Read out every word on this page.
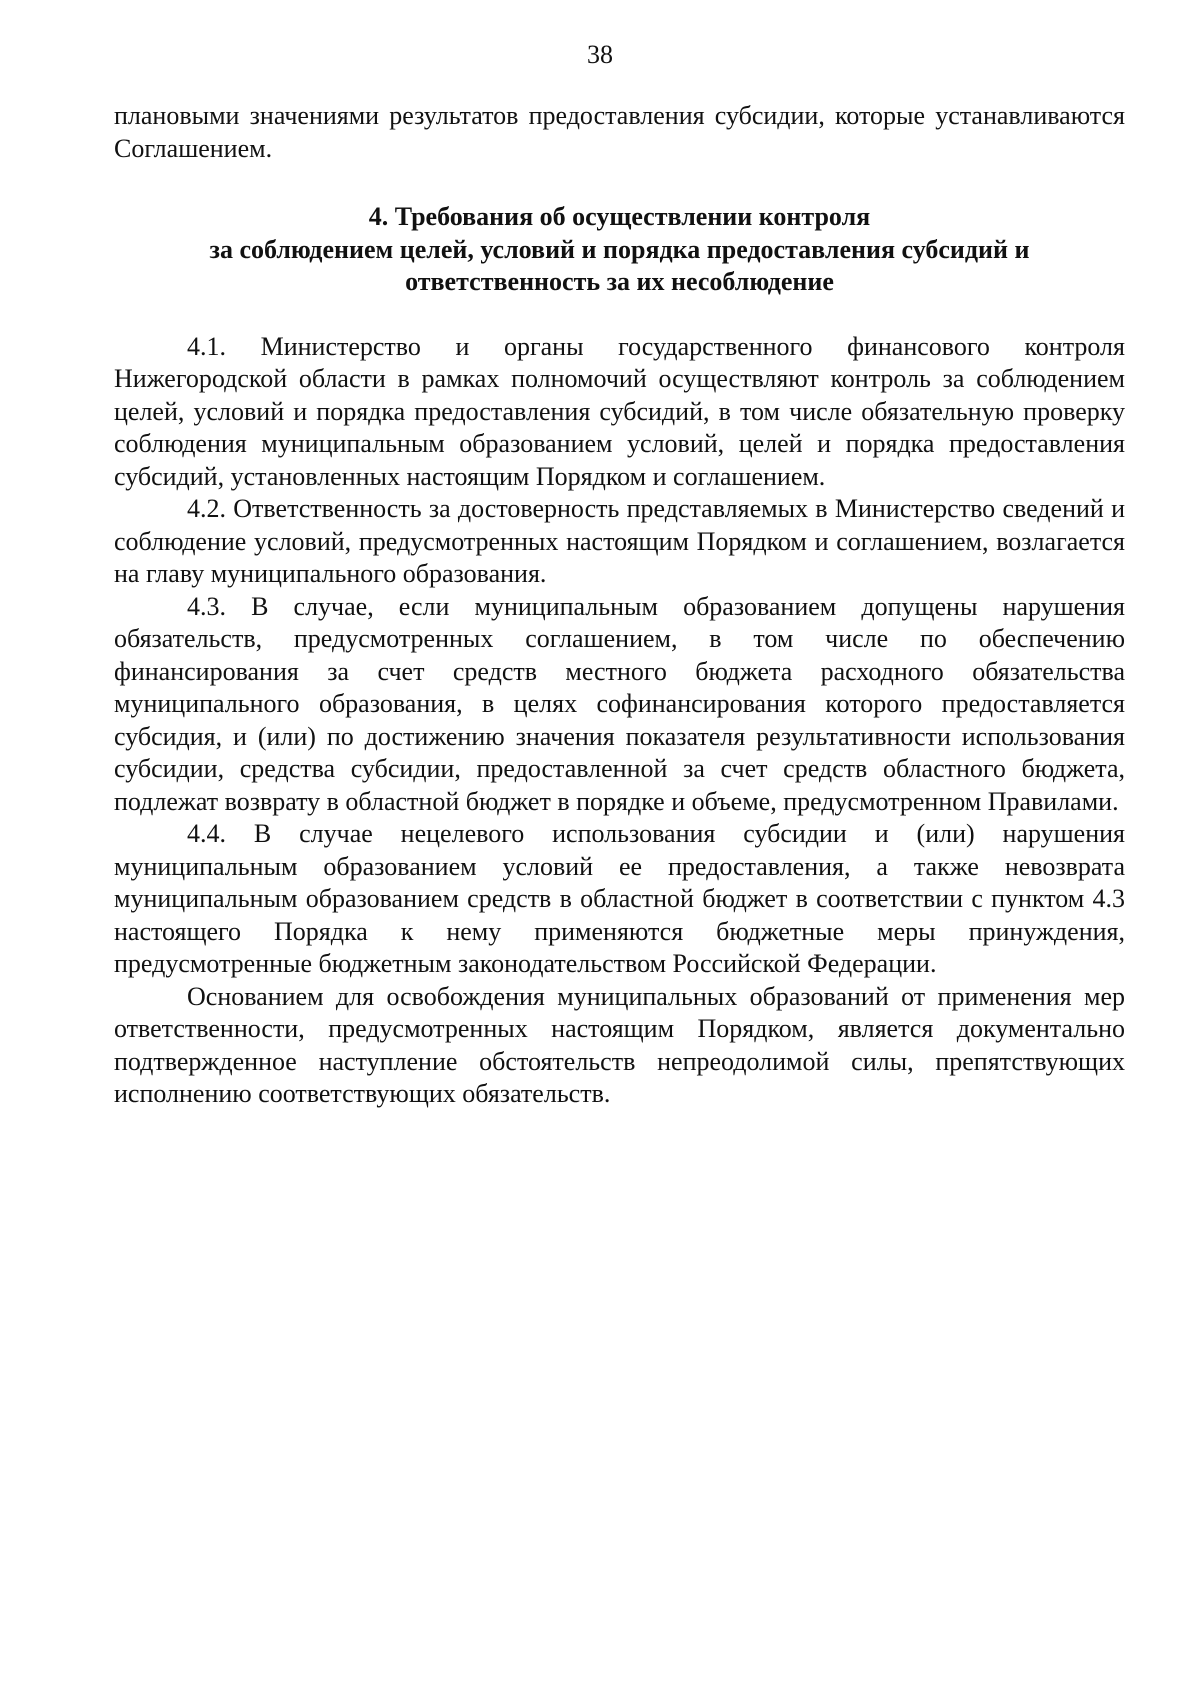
38

плановыми значениями результатов предоставления субсидии, которые устанавливаются Соглашением.

4. Требования об осуществлении контроля
за соблюдением целей, условий и порядка предоставления субсидий и
ответственность за их несоблюдение

4.1. Министерство и органы государственного финансового контроля Нижегородской области в рамках полномочий осуществляют контроль за соблюдением целей, условий и порядка предоставления субсидий, в том числе обязательную проверку соблюдения муниципальным образованием условий, целей и порядка предоставления субсидий, установленных настоящим Порядком и соглашением.

4.2. Ответственность за достоверность представляемых в Министерство сведений и соблюдение условий, предусмотренных настоящим Порядком и соглашением, возлагается на главу муниципального образования.

4.3. В случае, если муниципальным образованием допущены нарушения обязательств, предусмотренных соглашением, в том числе по обеспечению финансирования за счет средств местного бюджета расходного обязательства муниципального образования, в целях софинансирования которого предоставляется субсидия, и (или) по достижению значения показателя результативности использования субсидии, средства субсидии, предоставленной за счет средств областного бюджета, подлежат возврату в областной бюджет в порядке и объеме, предусмотренном Правилами.

4.4. В случае нецелевого использования субсидии и (или) нарушения муниципальным образованием условий ее предоставления, а также невозврата муниципальным образованием средств в областной бюджет в соответствии с пунктом 4.3 настоящего Порядка к нему применяются бюджетные меры принуждения, предусмотренные бюджетным законодательством Российской Федерации.

Основанием для освобождения муниципальных образований от применения мер ответственности, предусмотренных настоящим Порядком, является документально подтвержденное наступление обстоятельств непреодолимой силы, препятствующих исполнению соответствующих обязательств.
